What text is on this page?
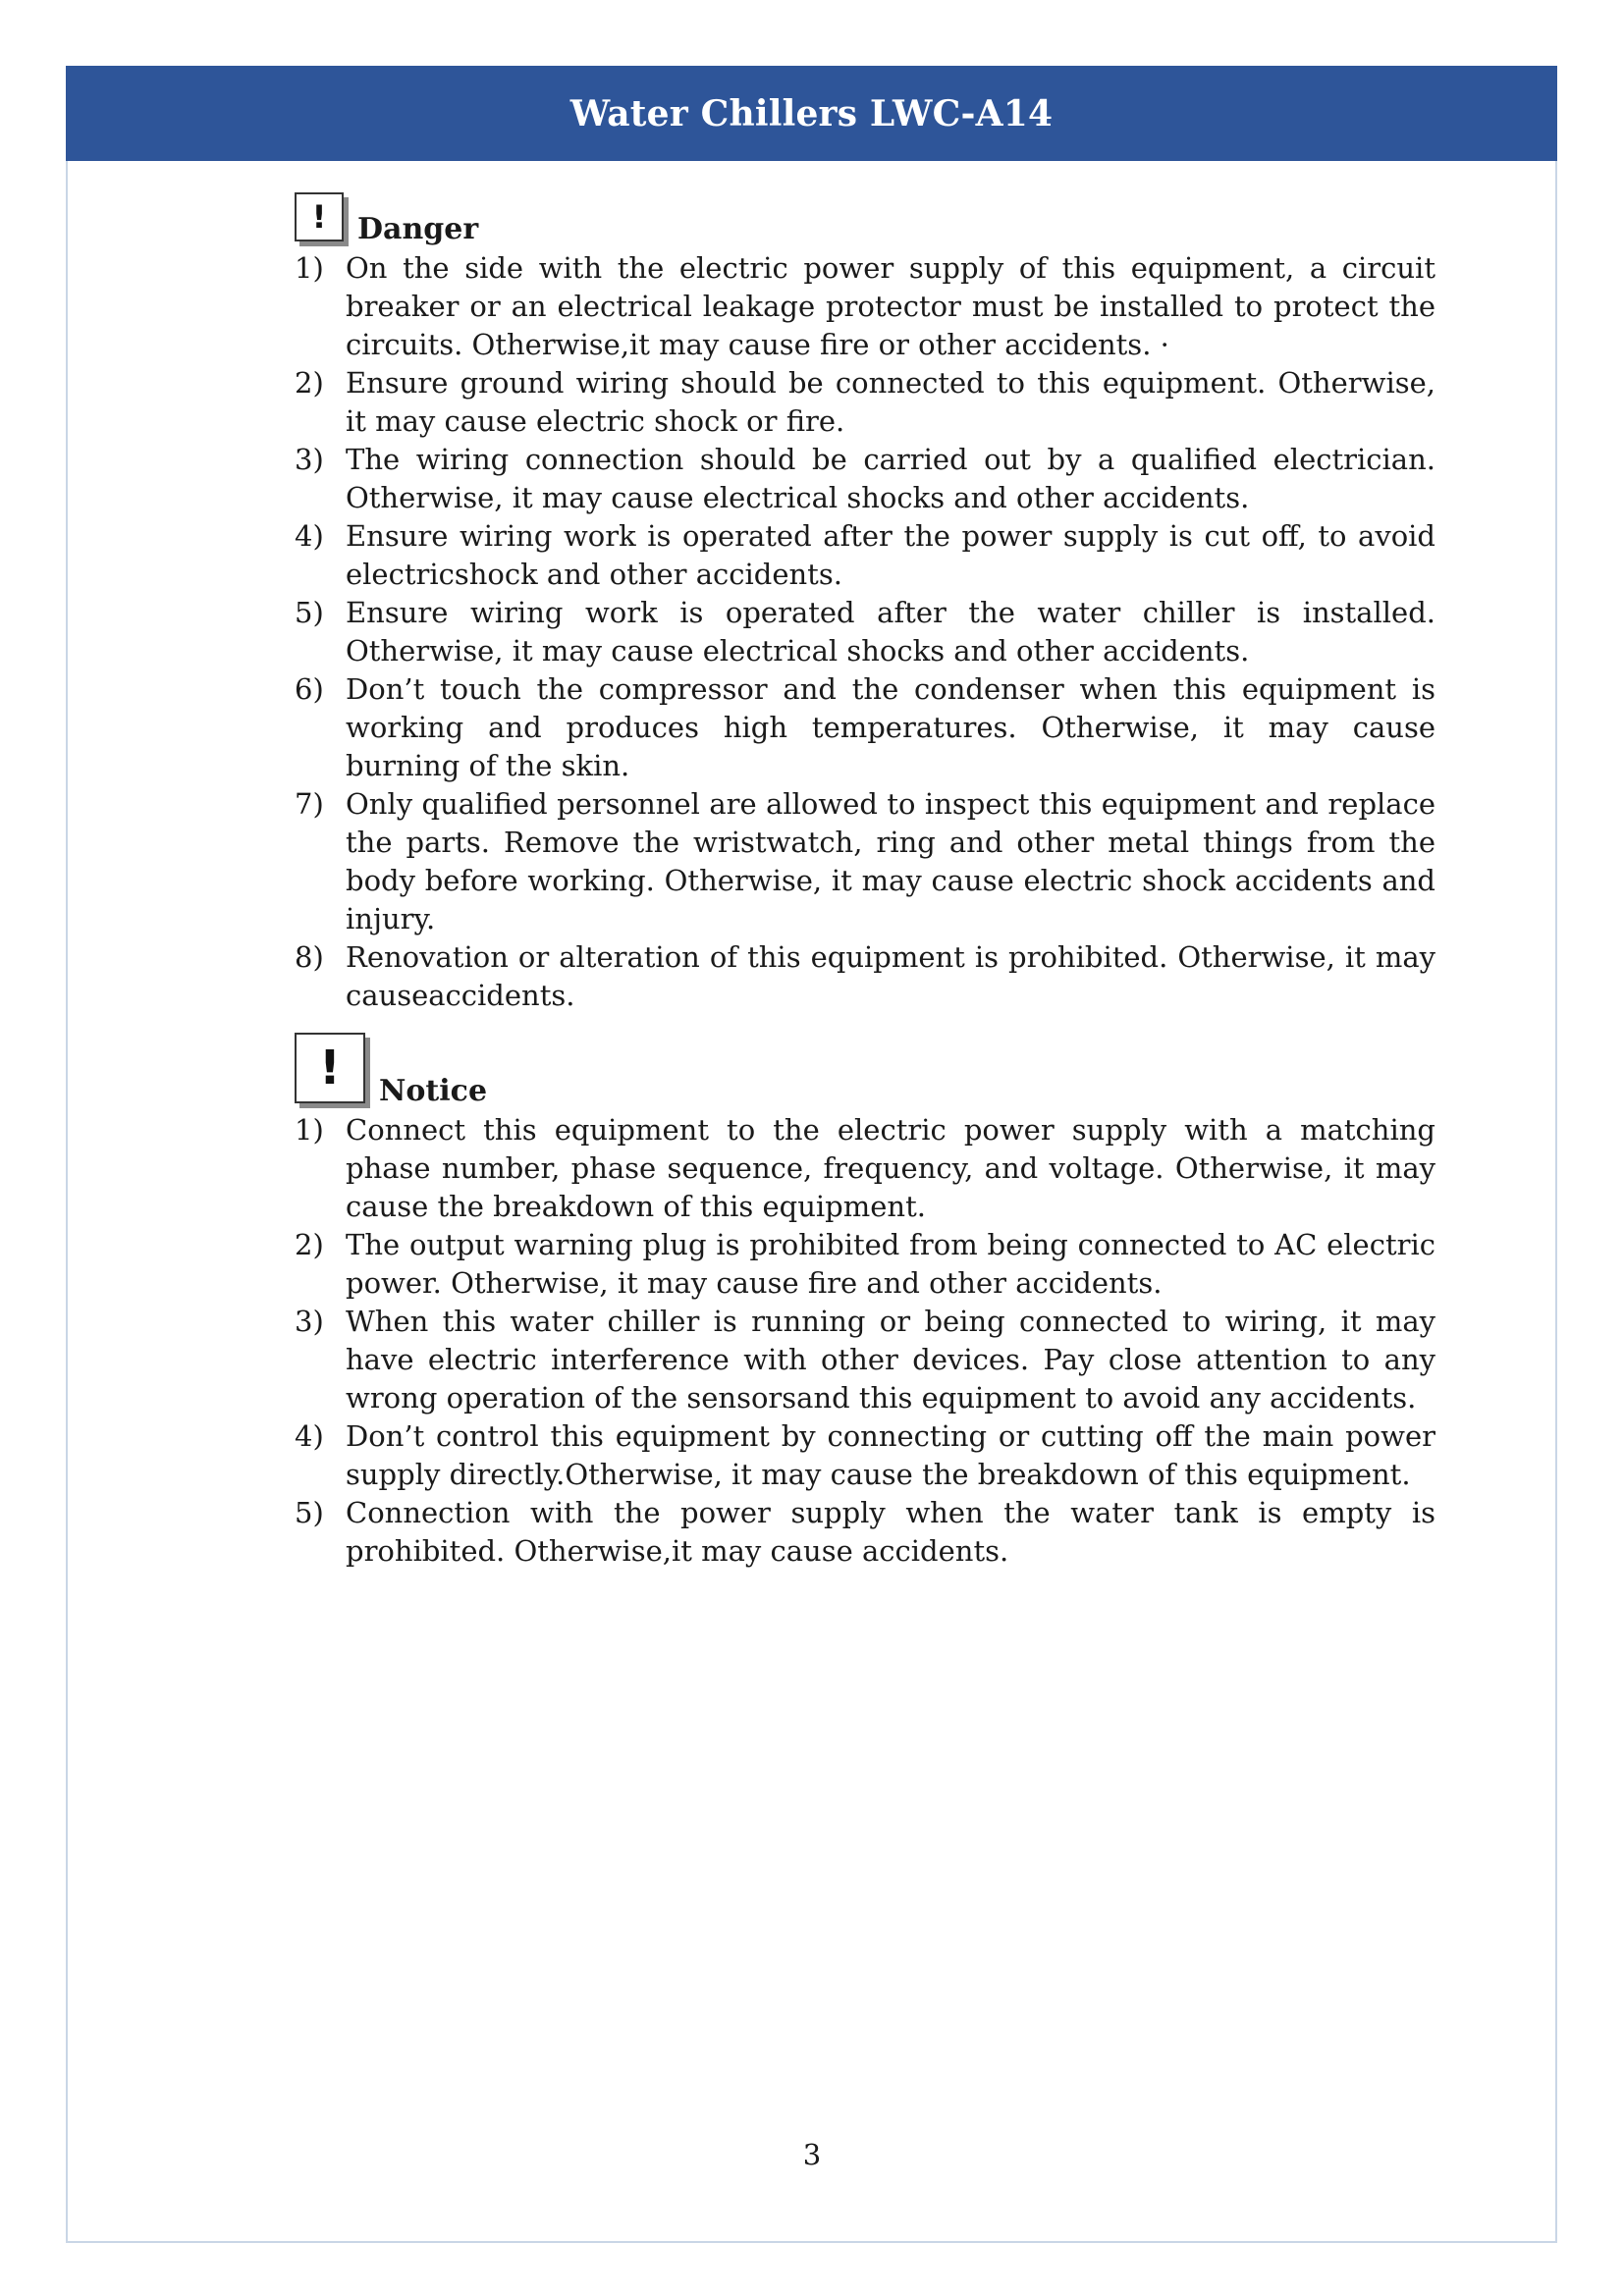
Water Chillers LWC-A14
!	Danger
1) On the side with the electric power supply of this equipment, a circuit breaker or an electrical leakage protector must be installed to protect the circuits. Otherwise,it may cause fire or other accidents. ·
2) Ensure ground wiring should be connected to this equipment. Otherwise, it may cause electric shock or fire.
3) The wiring connection should be carried out by a qualified electrician. Otherwise, it may cause electrical shocks and other accidents.
4) Ensure wiring work is operated after the power supply is cut off, to avoid electricshock and other accidents.
5) Ensure wiring work is operated after the water chiller is installed. Otherwise, it may cause electrical shocks and other accidents.
6) Don’t touch the compressor and the condenser when this equipment is working and produces high temperatures. Otherwise, it may cause burning of the skin.
7) Only qualified personnel are allowed to inspect this equipment and replace the parts. Remove the wristwatch, ring and other metal things from the body before working. Otherwise, it may cause electric shock accidents and injury.
8) Renovation or alteration of this equipment is prohibited. Otherwise, it may causeaccidents.
!	Notice
1) Connect this equipment to the electric power supply with a matching phase number, phase sequence, frequency, and voltage. Otherwise, it may cause the breakdown of this equipment.
2) The output warning plug is prohibited from being connected to AC electric power. Otherwise, it may cause fire and other accidents.
3) When this water chiller is running or being connected to wiring, it may have electric interference with other devices. Pay close attention to any wrong operation of the sensorsand this equipment to avoid any accidents.
4) Don’t control this equipment by connecting or cutting off the main power supply directly.Otherwise, it may cause the breakdown of this equipment.
5) Connection with the power supply when the water tank is empty is prohibited. Otherwise,it may cause accidents.
3
